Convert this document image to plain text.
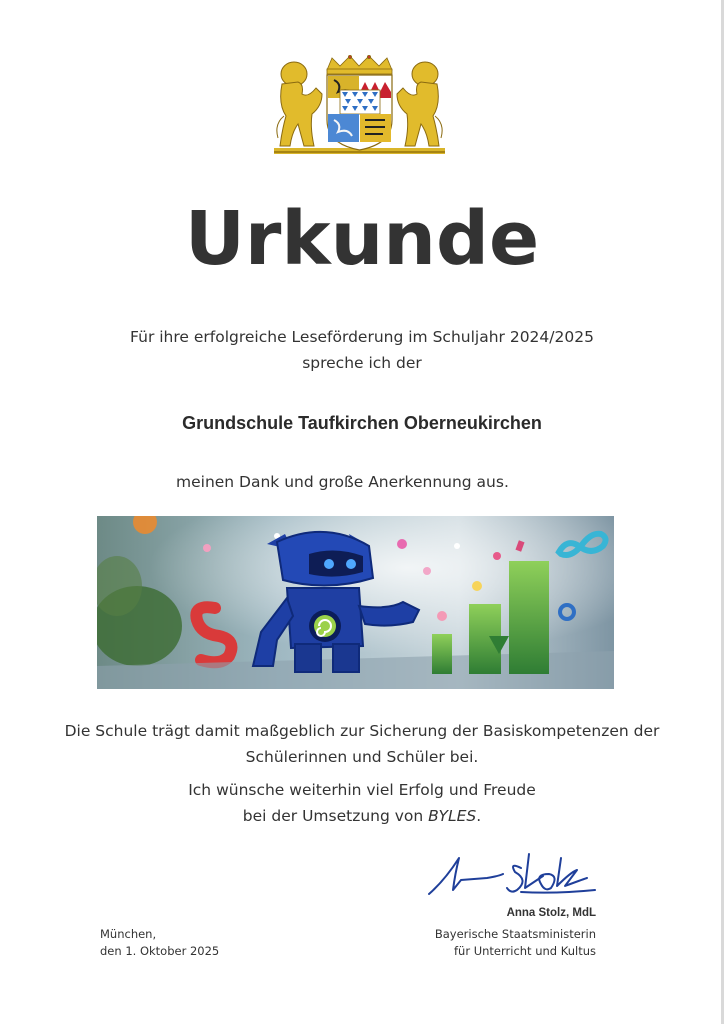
Urkunde
Für ihre erfolgreiche Leseförderung im Schuljahr 2024/2025
spreche ich der
Grundschule Taufkirchen Oberneukirchen
meinen Dank und große Anerkennung aus.
Die Schule trägt damit maßgeblich zur Sicherung der Basiskompetenzen der
Schülerinnen und Schüler bei.
Ich wünsche weiterhin viel Erfolg und Freude
bei der Umsetzung von BYLES.
München,
den 1. Oktober 2025
Anna Stolz, MdL
Bayerische Staatsministerin
für Unterricht und Kultus
